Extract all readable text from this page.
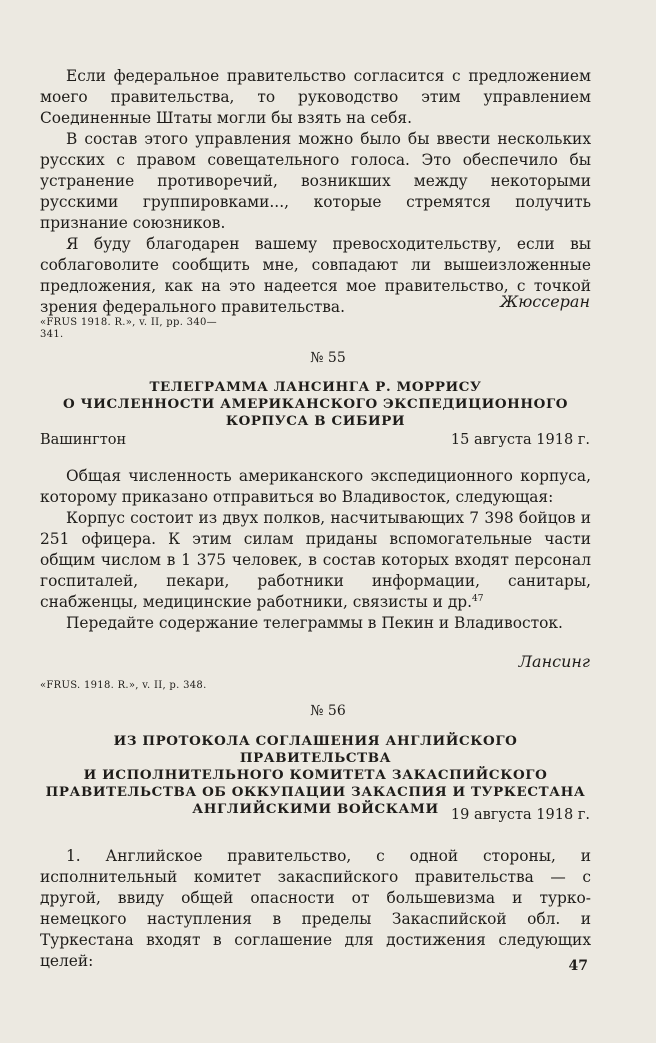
Если федеральное правительство согласится с предложением моего правительства, то руководство этим управлением Соединенные Штаты могли бы взять на себя.

В состав этого управления можно было бы ввести нескольких русских с правом совещательного голоса. Это обеспечило бы устранение противоречий, возникших между некоторыми русскими группировками..., которые стремятся получить признание союзников.

Я буду благодарен вашему превосходительству, если вы соблаговолите сообщить мне, совпадают ли вышеизложенные предложения, как на это надеется мое правительство, с точкой зрения федерального правительства.	Жюссеран
«FRUS 1918. R.», v. II, pp. 340—
341.
№ 55
ТЕЛЕГРАММА ЛАНСИНГА Р. МОРРИСУ
О ЧИСЛЕННОСТИ АМЕРИКАНСКОГО ЭКСПЕДИЦИОННОГО
КОРПУСА В СИБИРИ
Вашингтон	15 августа 1918 г.

Общая численность американского экспедиционного корпуса, которому приказано отправиться во Владивосток, следующая:

Корпус состоит из двух полков, насчитывающих 7 398 бойцов и 251 офицера. К этим силам приданы вспомогательные части общим числом в 1 375 человек, в состав которых входят персонал госпиталей, пекари, работники информации, санитары, снабженцы, медицинские работники, связисты и др.$^{47}$

Передайте содержание телеграммы в Пекин и Владивосток.

Лансинг
«FRUS. 1918. R.», v. II, p. 348.
№ 56
ИЗ ПРОТОКОЛА СОГЛАШЕНИЯ АНГЛИЙСКОГО ПРАВИТЕЛЬСТВА
И ИСПОЛНИТЕЛЬНОГО КОМИТЕТА ЗАКАСПИЙСКОГО
ПРАВИТЕЛЬСТВА ОБ ОККУПАЦИИ ЗАКАСПИЯ И ТУРКЕСТАНА
АНГЛИЙСКИМИ ВОЙСКАМИ 19 августа 1918 г.

1. Английское правительство, с одной стороны, и исполнительный комитет закаспийского правительства — с другой, ввиду общей опасности от большевизма и турко-немецкого наступления в пределы Закаспийской обл. и Туркестана входят в соглашение для достижения следующих целей:	47
